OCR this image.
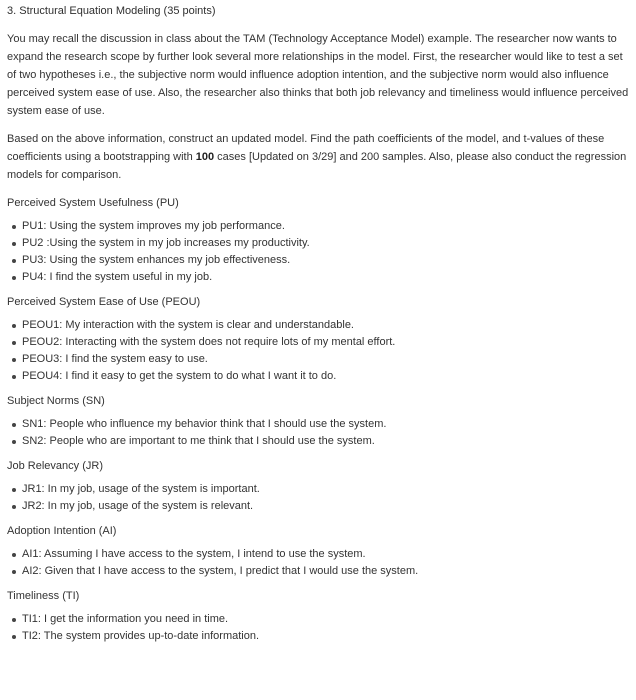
3. Structural Equation Modeling (35 points)

You may recall the discussion in class about the TAM (Technology Acceptance Model) example. The researcher now wants to expand the research scope by further look several more relationships in the model. First, the researcher would like to test a set of two hypotheses i.e., the subjective norm would influence adoption intention, and the subjective norm would also influence perceived system ease of use. Also, the researcher also thinks that both job relevancy and timeliness would influence perceived system ease of use.

Based on the above information, construct an updated model. Find the path coefficients of the model, and t-values of these coefficients using a bootstrapping with 100 cases [Updated on 3/29] and 200 samples. Also, please also conduct the regression models for comparison.

Perceived System Usefulness (PU)
PU1: Using the system improves my job performance.
PU2 :Using the system in my job increases my productivity.
PU3: Using the system enhances my job effectiveness.
PU4: I find the system useful in my job.
Perceived System Ease of Use (PEOU)
PEOU1: My interaction with the system is clear and understandable.
PEOU2: Interacting with the system does not require lots of my mental effort.
PEOU3: I find the system easy to use.
PEOU4: I find it easy to get the system to do what I want it to do.
Subject Norms (SN)
SN1: People who influence my behavior think that I should use the system.
SN2: People who are important to me think that I should use the system.
Job Relevancy (JR)
JR1: In my job, usage of the system is important.
JR2: In my job, usage of the system is relevant.
Adoption Intention (AI)
AI1: Assuming I have access to the system, I intend to use the system.
AI2: Given that I have access to the system, I predict that I would use the system.
Timeliness (TI)
TI1: I get the information you need in time.
TI2: The system provides up-to-date information.
